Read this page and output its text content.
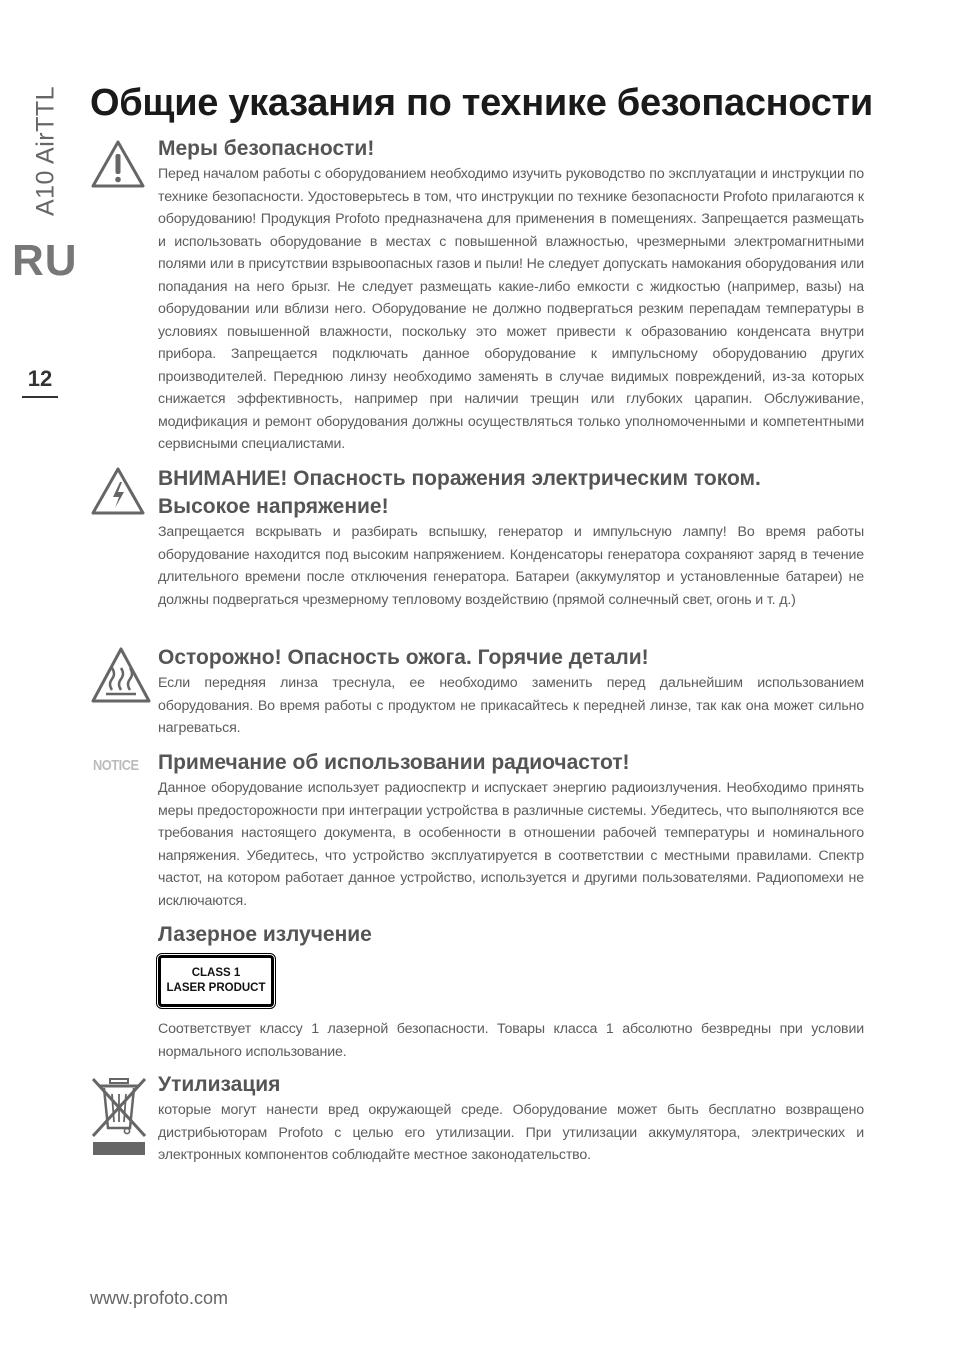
A10 AirTTL
RU
12
Общие указания по технике безопасности
Меры безопасности!

Перед началом работы с оборудованием необходимо изучить руководство по эксплуатации и инструкции по технике безопасности. Удостоверьтесь в том, что инструкции по технике безопасности Profoto прилагаются к оборудованию! Продукция Profoto предназначена для применения в помещениях. Запрещается размещать и использовать оборудование в местах с повышенной влажностью, чрезмерными электромагнитными полями или в присутствии взрывоопасных газов и пыли! Не следует допускать намокания оборудования или попадания на него брызг. Не следует размещать какие-либо емкости с жидкостью (например, вазы) на оборудовании или вблизи него. Оборудование не должно подвергаться резким перепадам температуры в условиях повышенной влажности, поскольку это может привести к образованию конденсата внутри прибора. Запрещается подключать данное оборудование к импульсному оборудованию других производителей. Переднюю линзу необходимо заменять в случае видимых повреждений, из-за которых снижается эффективность, например при наличии трещин или глубоких царапин. Обслуживание, модификация и ремонт оборудования должны осуществляться только уполномоченными и компетентными сервисными специалистами.

ВНИМАНИЕ! Опасность поражения электрическим током.
Высокое напряжение!

Запрещается вскрывать и разбирать вспышку, генератор и импульсную лампу! Во время работы оборудование находится под высоким напряжением. Конденсаторы генератора сохраняют заряд в течение длительного времени после отключения генератора. Батареи (аккумулятор и установленные батареи) не должны подвергаться чрезмерному тепловому воздействию (прямой солнечный свет, огонь и т. д.)

Осторожно! Опасность ожога. Горячие детали!

Если передняя линза треснула, ее необходимо заменить перед дальнейшим использованием оборудования. Во время работы с продуктом не прикасайтесь к передней линзе, так как она может сильно нагреваться.

NOTICE Примечание об использовании радиочастот!

Данное оборудование использует радиоспектр и испускает энергию радиоизлучения. Необходимо принять меры предосторожности при интеграции устройства в различные системы. Убедитесь, что выполняются все требования настоящего документа, в особенности в отношении рабочей температуры и номинального напряжения. Убедитесь, что устройство эксплуатируется в соответствии с местными правилами. Спектр частот, на котором работает данное устройство, используется и другими пользователями. Радиопомехи не исключаются.

Лазерное излучение
CLASS 1
LASER PRODUCT

Соответствует классу 1 лазерной безопасности. Товары класса 1 абсолютно безвредны при условии нормального использование.

Утилизация

которые могут нанести вред окружающей среде. Оборудование может быть бесплатно возвращено дистрибьюторам Profoto с целью его утилизации. При утилизации аккумулятора, электрических и электронных компонентов соблюдайте местное законодательство.

www.profoto.com
